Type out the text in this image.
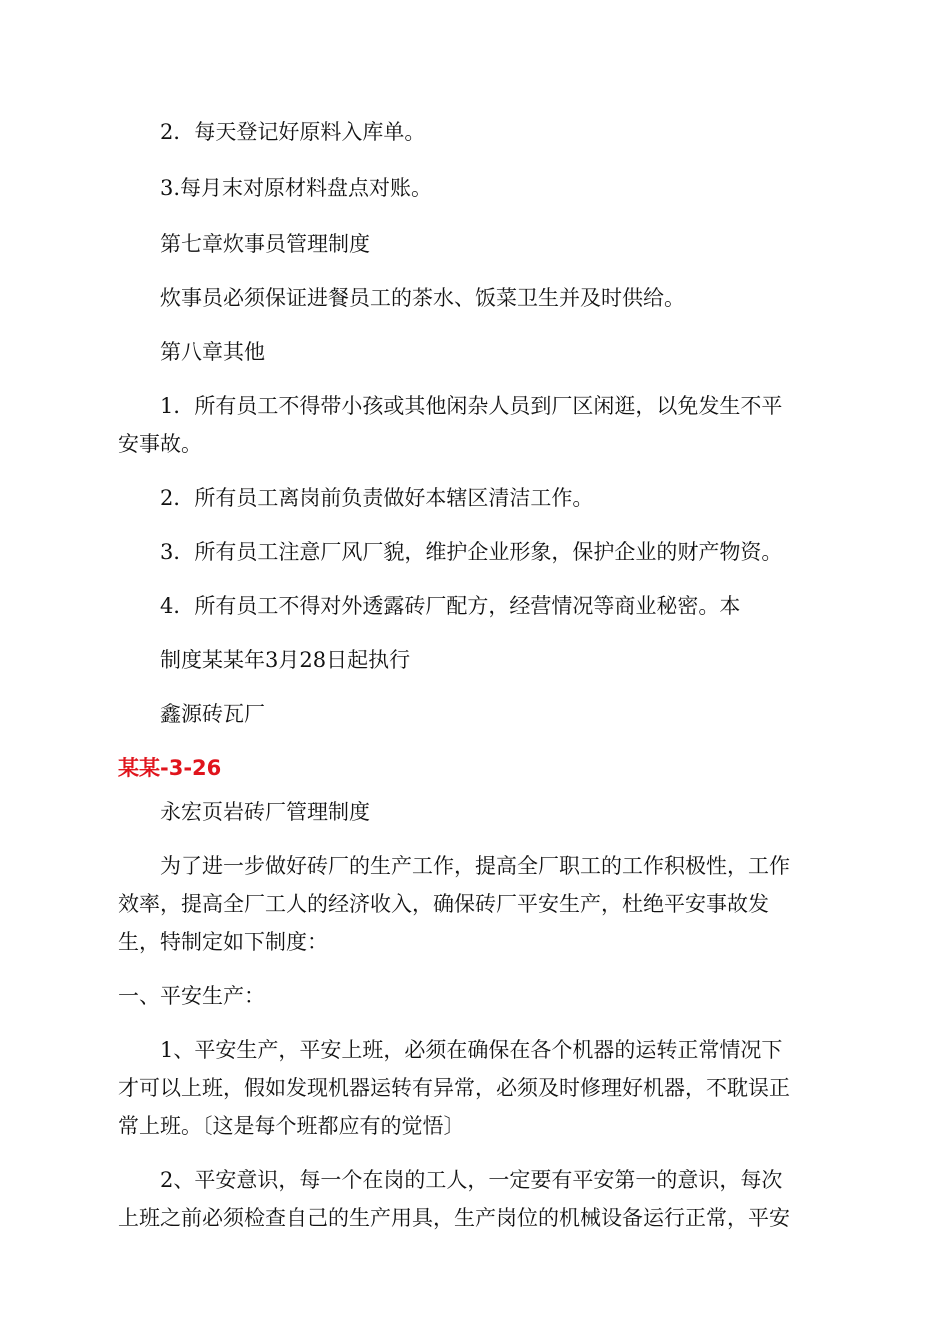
2．每天登记好原料入库单。
3.每月末对原材料盘点对账。
第七章炊事员管理制度
炊事员必须保证进餐员工的茶水、饭菜卫生并及时供给。
第八章其他
1．所有员工不得带小孩或其他闲杂人员到厂区闲逛，以免发生不平
安事故。
2．所有员工离岗前负责做好本辖区清洁工作。
3．所有员工注意厂风厂貌，维护企业形象，保护企业的财产物资。
4．所有员工不得对外透露砖厂配方，经营情况等商业秘密。本
制度某某年3月28日起执行
鑫源砖瓦厂
某某-3-26
永宏页岩砖厂管理制度
为了进一步做好砖厂的生产工作，提高全厂职工的工作积极性，工作
效率，提高全厂工人的经济收入，确保砖厂平安生产，杜绝平安事故发
生，特制定如下制度：
一、平安生产：
1、平安生产，平安上班，必须在确保在各个机器的运转正常情况下
才可以上班，假如发现机器运转有异常，必须及时修理好机器，不耽误正
常上班。〔这是每个班都应有的觉悟〕
2、平安意识，每一个在岗的工人，一定要有平安第一的意识，每次
上班之前必须检查自己的生产用具，生产岗位的机械设备运行正常，平安
